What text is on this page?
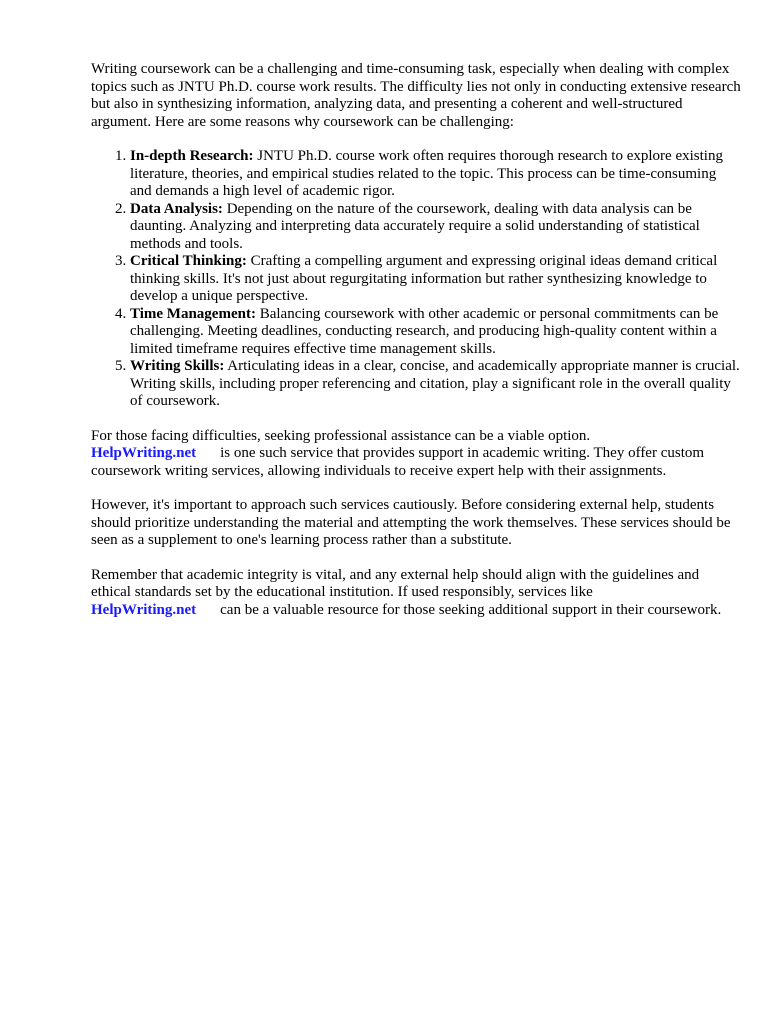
Writing coursework can be a challenging and time-consuming task, especially when dealing with complex topics such as JNTU Ph.D. course work results. The difficulty lies not only in conducting extensive research but also in synthesizing information, analyzing data, and presenting a coherent and well-structured argument. Here are some reasons why coursework can be challenging:

1. In-depth Research: JNTU Ph.D. course work often requires thorough research to explore existing literature, theories, and empirical studies related to the topic. This process can be time-consuming and demands a high level of academic rigor.
2. Data Analysis: Depending on the nature of the coursework, dealing with data analysis can be daunting. Analyzing and interpreting data accurately require a solid understanding of statistical methods and tools.
3. Critical Thinking: Crafting a compelling argument and expressing original ideas demand critical thinking skills. It's not just about regurgitating information but rather synthesizing knowledge to develop a unique perspective.
4. Time Management: Balancing coursework with other academic or personal commitments can be challenging. Meeting deadlines, conducting research, and producing high-quality content within a limited timeframe requires effective time management skills.
5. Writing Skills: Articulating ideas in a clear, concise, and academically appropriate manner is crucial. Writing skills, including proper referencing and citation, play a significant role in the overall quality of coursework.

For those facing difficulties, seeking professional assistance can be a viable option.
HelpWriting.net is one such service that provides support in academic writing. They offer custom coursework writing services, allowing individuals to receive expert help with their assignments.

However, it's important to approach such services cautiously. Before considering external help, students should prioritize understanding the material and attempting the work themselves. These services should be seen as a supplement to one's learning process rather than a substitute.

Remember that academic integrity is vital, and any external help should align with the guidelines and ethical standards set by the educational institution. If used responsibly, services like
HelpWriting.net can be a valuable resource for those seeking additional support in their coursework.
